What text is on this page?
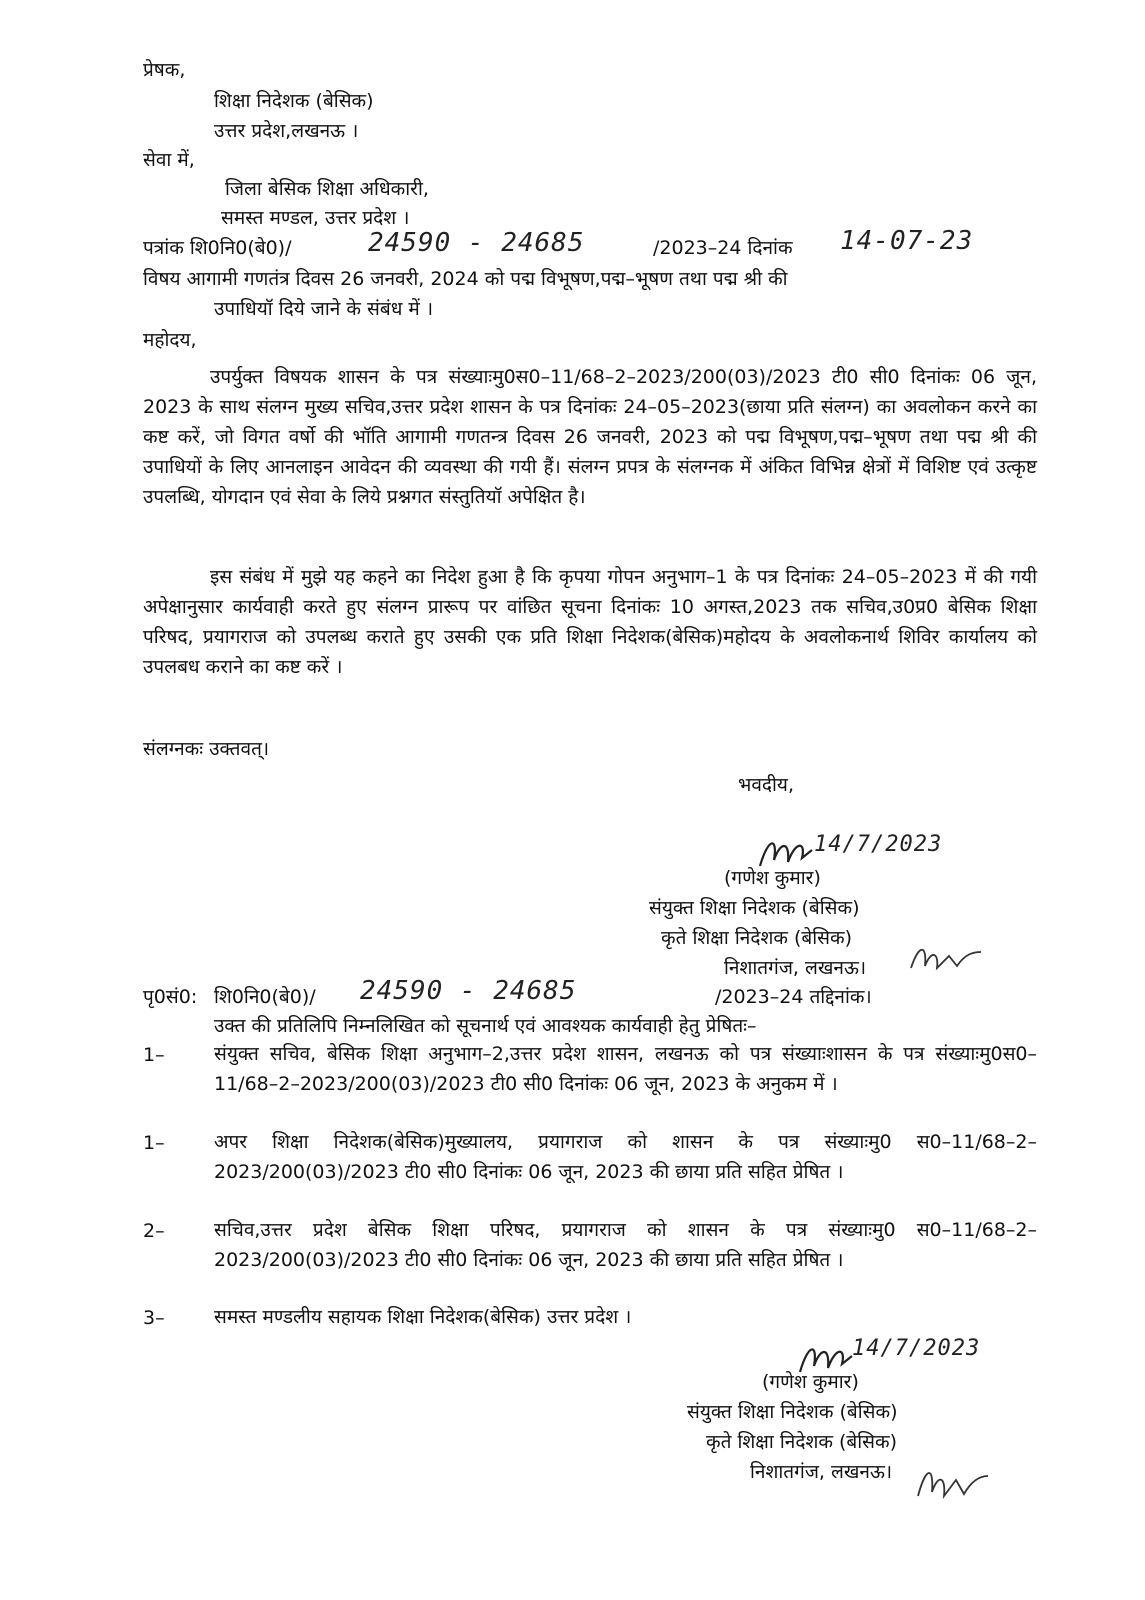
प्रेषक,
शिक्षा निदेशक (बेसिक)
उत्तर प्रदेश,लखनऊ ।
सेवा में,
जिला बेसिक शिक्षा अधिकारी,
समस्त मण्डल, उत्तर प्रदेश ।
पत्रांक शि0नि0(बे0)/	24590 - 24685	/2023–24 दिनांक 14-07-23
विषय आगामी गणतंत्र दिवस 26 जनवरी, 2024 को पद्म विभूषण,पद्म–भूषण तथा पद्म श्री की
उपाधियॉ दिये जाने के संबंध में ।
महोदय,
उपर्युक्त विषयक शासन के पत्र संख्याःमु0स0–11/68–2–2023/200(03)/2023 टी0 सी0 दिनांकः 06 जून, 2023 के साथ संलग्न मुख्य सचिव,उत्तर प्रदेश शासन के पत्र दिनांकः 24–05–2023(छाया प्रति संलग्न) का अवलोकन करने का कष्ट करें, जो विगत वर्षो की भॉति आगामी गणतन्त्र दिवस 26 जनवरी, 2023 को पद्म विभूषण,पद्म–भूषण तथा पद्म श्री की उपाधियों के लिए आनलाइन आवेदन की व्यवस्था की गयी हैं। संलग्न प्रपत्र के संलग्नक में अंकित विभिन्न क्षेत्रों में विशिष्ट एवं उत्कृष्ट उपलब्धि, योगदान एवं सेवा के लिये प्रश्नगत संस्तुतियॉ अपेक्षित है।
इस संबंध में मुझे यह कहने का निदेश हुआ है कि कृपया गोपन अनुभाग–1 के पत्र दिनांकः 24–05–2023 में की गयी अपेक्षानुसार कार्यवाही करते हुए संलग्न प्रारूप पर वांछित सूचना दिनांकः 10 अगस्त,2023 तक सचिव,उ0प्र0 बेसिक शिक्षा परिषद, प्रयागराज को उपलब्ध कराते हुए उसकी एक प्रति शिक्षा निदेशक(बेसिक)महोदय के अवलोकनार्थ शिविर कार्यालय को उपलबध कराने का कष्ट करें ।
संलग्नकः उक्तवत्।
भवदीय,
14/7/2023
(गणेश कुमार)
संयुक्त शिक्षा निदेशक (बेसिक)
कृते शिक्षा निदेशक (बेसिक)
निशातगंज, लखनऊ।
पृ0सं0: शि0नि0(बे0)/ 24590 - 24685	/2023–24 तद्दिनांक।
उक्त की प्रतिलिपि निम्नलिखित को सूचनार्थ एवं आवश्यक कार्यवाही हेतु प्रेषितः–
1–	संयुक्त सचिव, बेसिक शिक्षा अनुभाग–2,उत्तर प्रदेश शासन, लखनऊ को पत्र संख्याःशासन के पत्र संख्याःमु0स0–11/68–2–2023/200(03)/2023 टी0 सी0 दिनांकः 06 जून, 2023 के अनुकम में ।
1–	अपर शिक्षा निदेशक(बेसिक)मुख्यालय, प्रयागराज को शासन के पत्र संख्याःमु0 स0–11/68–2–2023/200(03)/2023 टी0 सी0 दिनांकः 06 जून, 2023 की छाया प्रति सहित प्रेषित ।
2–	सचिव,उत्तर प्रदेश बेसिक शिक्षा परिषद, प्रयागराज को शासन के पत्र संख्याःमु0 स0–11/68–2–2023/200(03)/2023 टी0 सी0 दिनांकः 06 जून, 2023 की छाया प्रति सहित प्रेषित ।
3–	समस्त मण्डलीय सहायक शिक्षा निदेशक(बेसिक) उत्तर प्रदेश ।
14/7/2023
(गणेश कुमार)
संयुक्त शिक्षा निदेशक (बेसिक)
कृते शिक्षा निदेशक (बेसिक)
निशातगंज, लखनऊ।
